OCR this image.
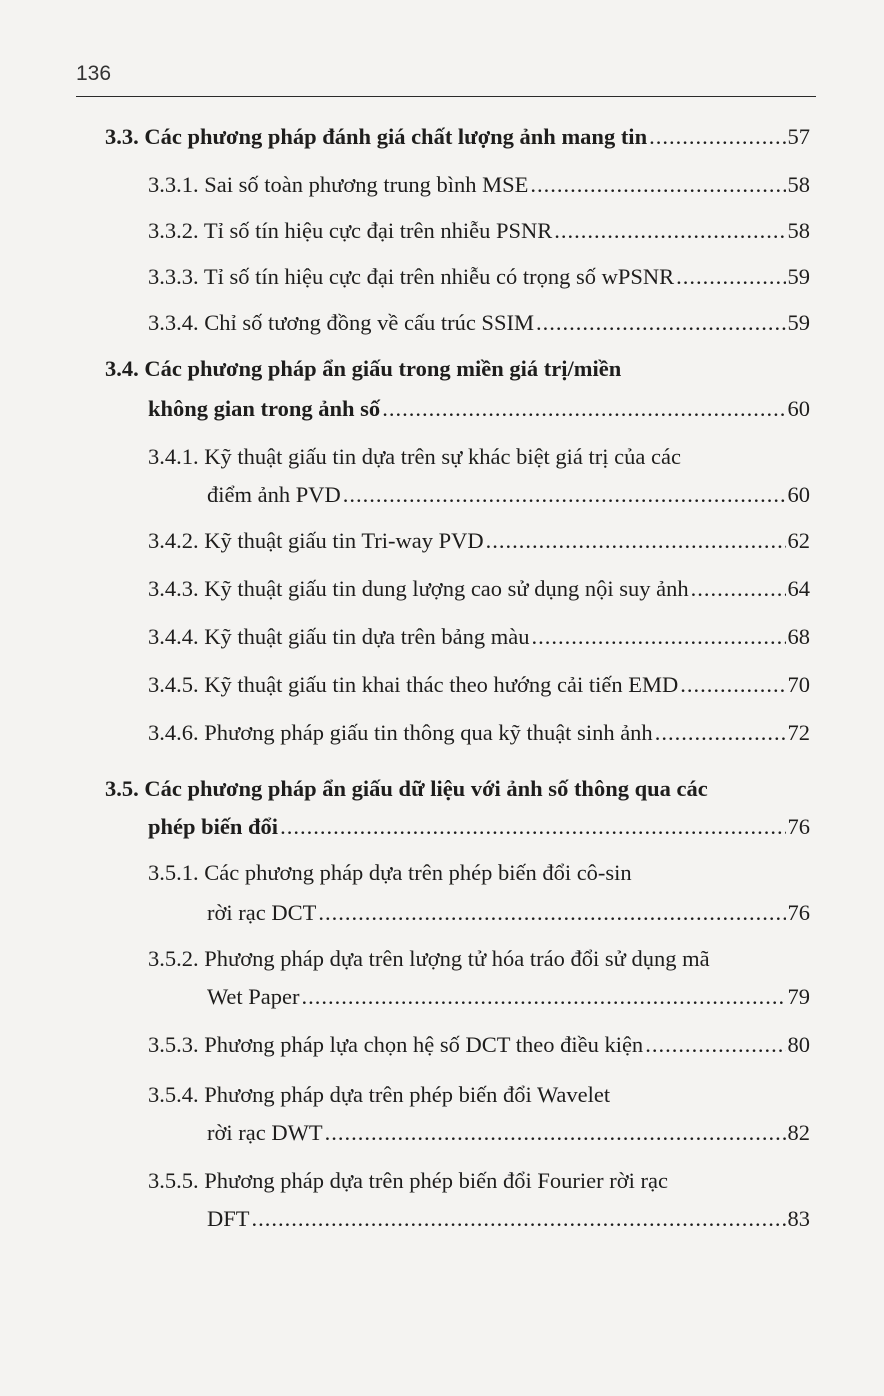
136
3.3. Các phương pháp đánh giá chất lượng ảnh mang tin .....	57
3.3.1. Sai số toàn phương trung bình MSE .....	58
3.3.2. Tỉ số tín hiệu cực đại trên nhiễu PSNR .....	58
3.3.3. Tỉ số tín hiệu cực đại trên nhiễu có trọng số wPSNR .....	59
3.3.4. Chỉ số tương đồng về cấu trúc SSIM .....	59
3.4. Các phương pháp ẩn giấu trong miền giá trị/miền
không gian trong ảnh số .....	60
3.4.1. Kỹ thuật giấu tin dựa trên sự khác biệt giá trị của các
điểm ảnh PVD .....	60
3.4.2. Kỹ thuật giấu tin Tri-way PVD .....	62
3.4.3. Kỹ thuật giấu tin dung lượng cao sử dụng nội suy ảnh .....	64
3.4.4. Kỹ thuật giấu tin dựa trên bảng màu .....	68
3.4.5. Kỹ thuật giấu tin khai thác theo hướng cải tiến EMD .....	70
3.4.6. Phương pháp giấu tin thông qua kỹ thuật sinh ảnh .....	72
3.5. Các phương pháp ẩn giấu dữ liệu với ảnh số thông qua các
phép biến đổi .....	76
3.5.1. Các phương pháp dựa trên phép biến đổi cô-sin
rời rạc DCT .....	76
3.5.2. Phương pháp dựa trên lượng tử hóa tráo đổi sử dụng mã
Wet Paper .....	79
3.5.3. Phương pháp lựa chọn hệ số DCT theo điều kiện .....	80
3.5.4. Phương pháp dựa trên phép biến đổi Wavelet
rời rạc DWT .....	82
3.5.5. Phương pháp dựa trên phép biến đổi Fourier rời rạc
DFT .....	83
